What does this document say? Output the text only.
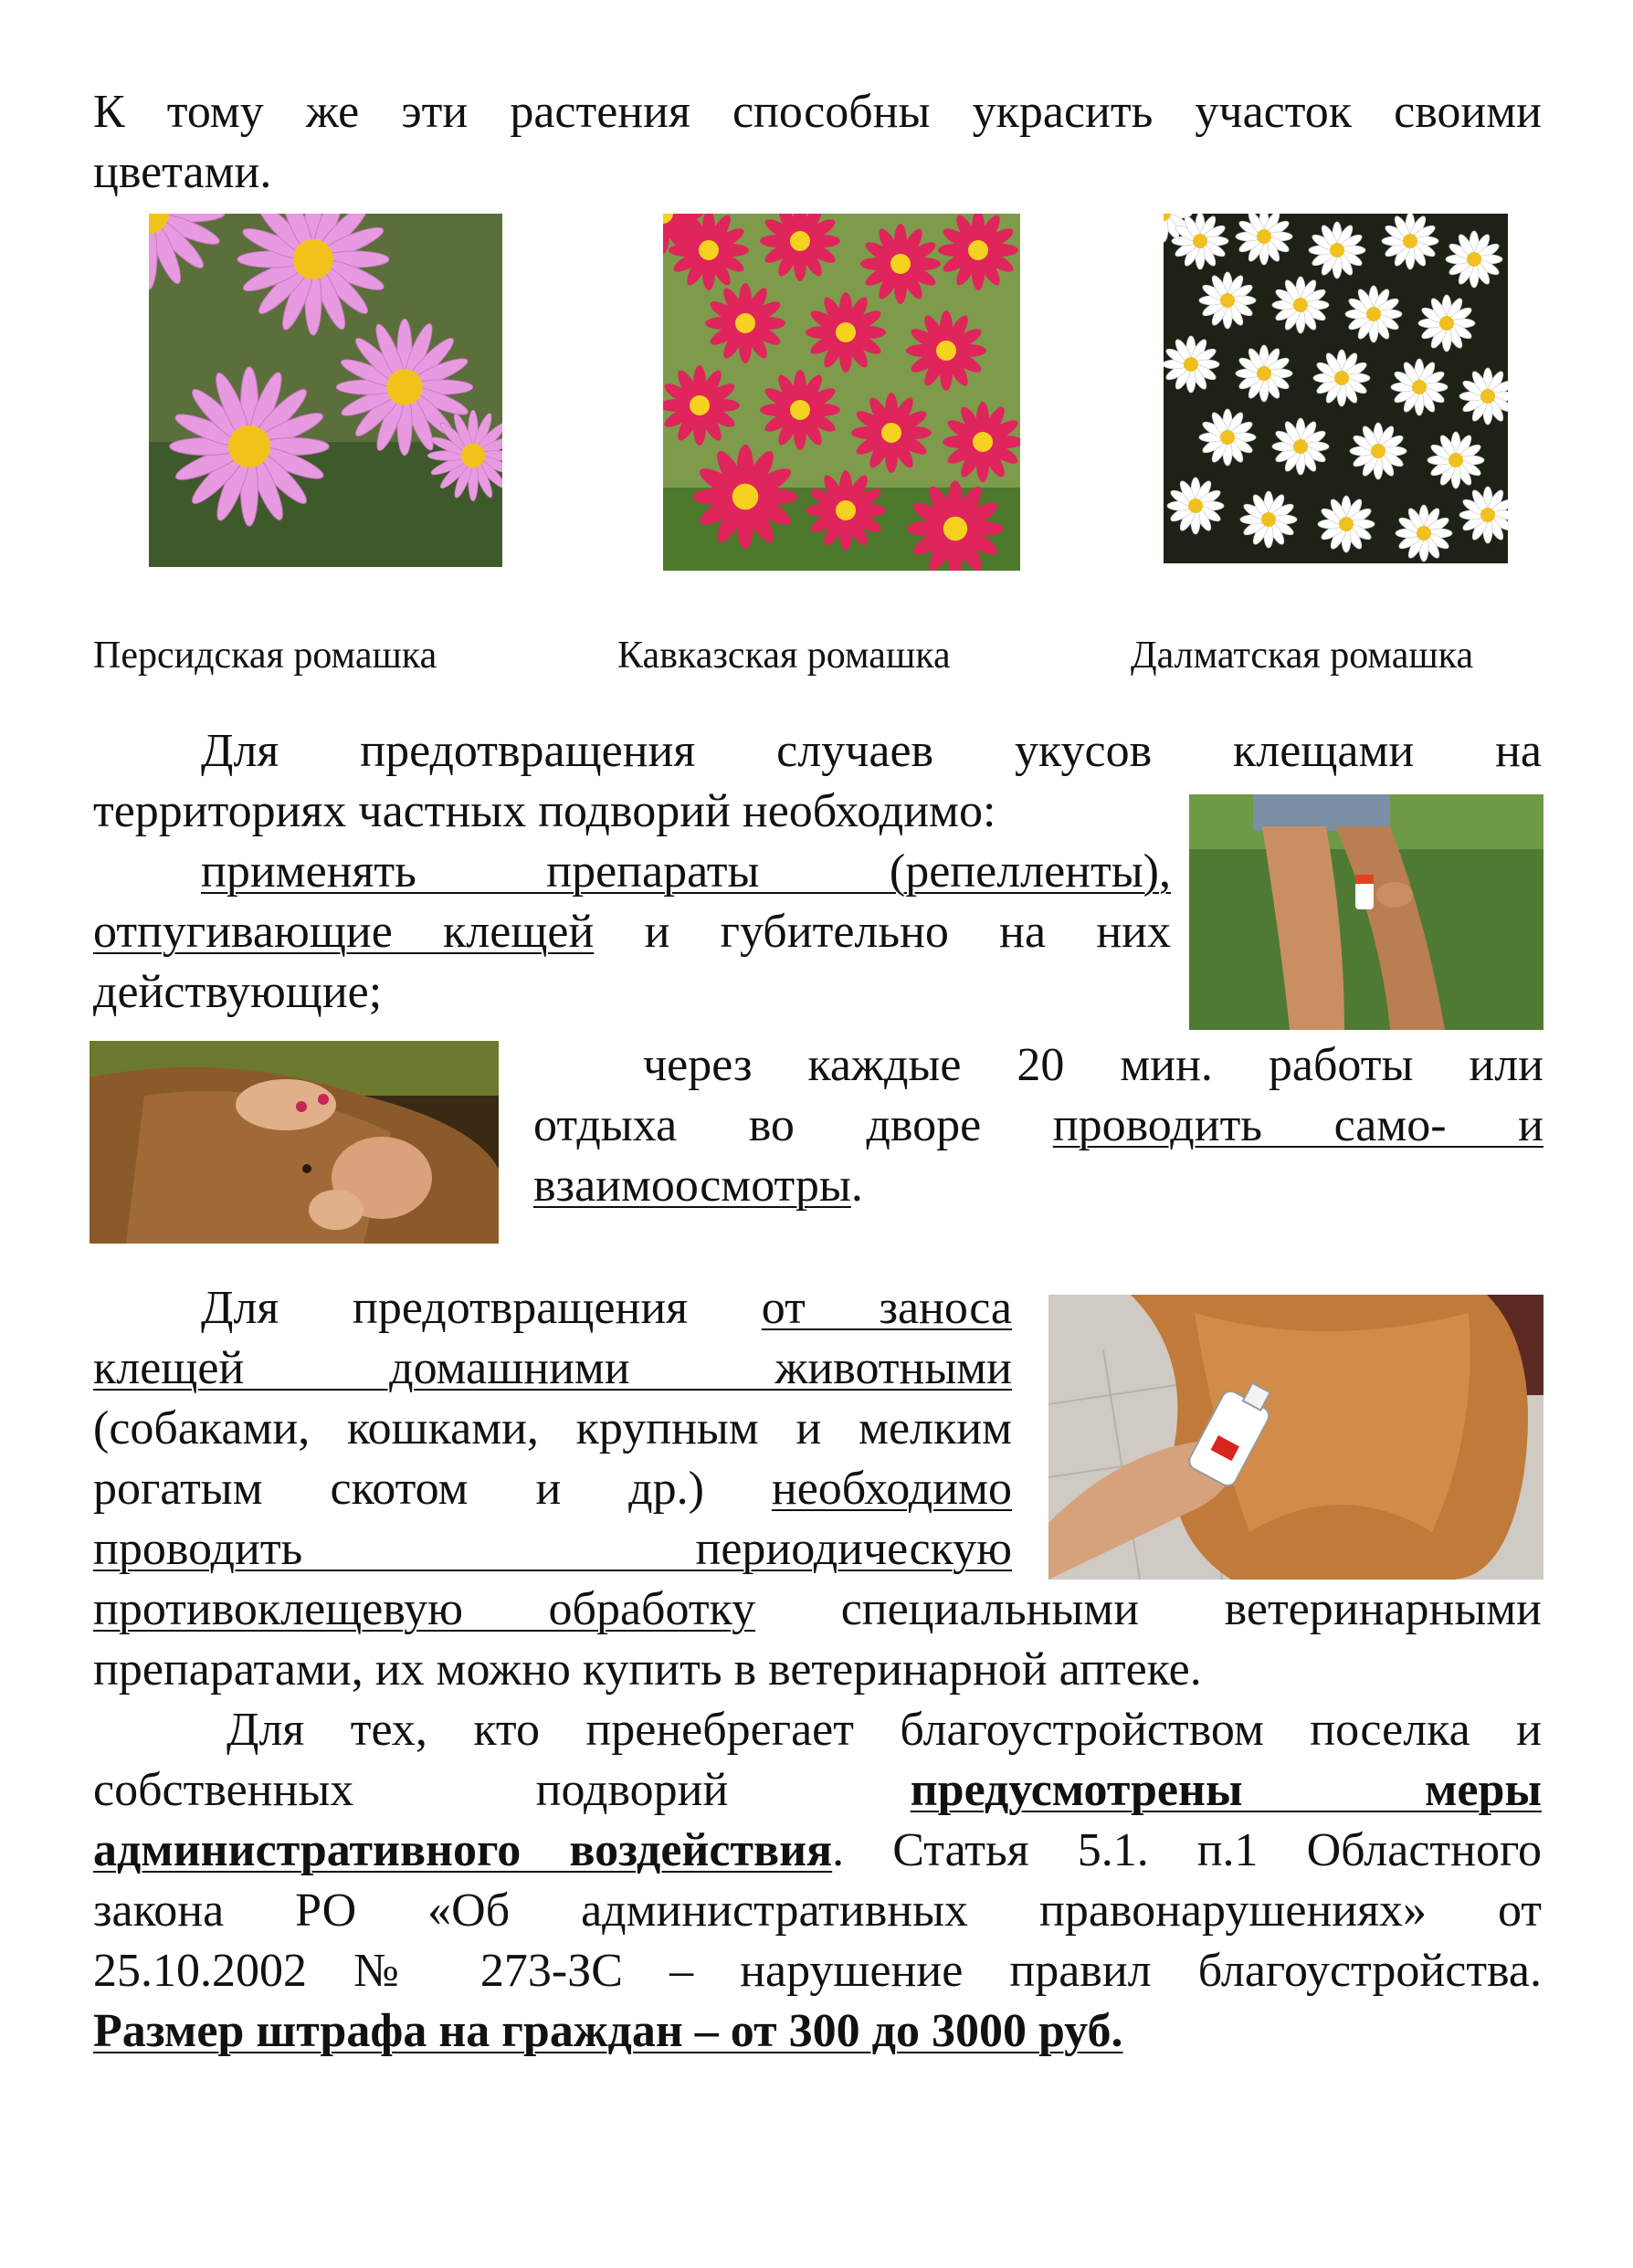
К тому же эти растения способны украсить участок своими
цветами.
Персидская ромашка	Кавказская ромашка	Далматская ромашка
Для предотвращения случаев укусов клещами на
территориях частных подворий необходимо:
применять препараты (репелленты),
отпугивающие клещей и губительно на них
действующие;
через каждые 20 мин. работы или
отдыха во дворе проводить само- и
взаимоосмотры.
Для предотвращения от заноса
клещей домашними животными
(собаками, кошками, крупным и мелким
рогатым скотом и др.) необходимо
проводить периодическую
противоклещевую обработку специальными ветеринарными
препаратами, их можно купить в ветеринарной аптеке.
Для тех, кто пренебрегает благоустройством поселка и
собственных подворий предусмотрены меры
административного воздействия. Статья 5.1. п.1 Областного
закона РО «Об административных правонарушениях» от
25.10.2002 № 273-ЗС – нарушение правил благоустройства.
Размер штрафа на граждан – от 300 до 3000 руб.
